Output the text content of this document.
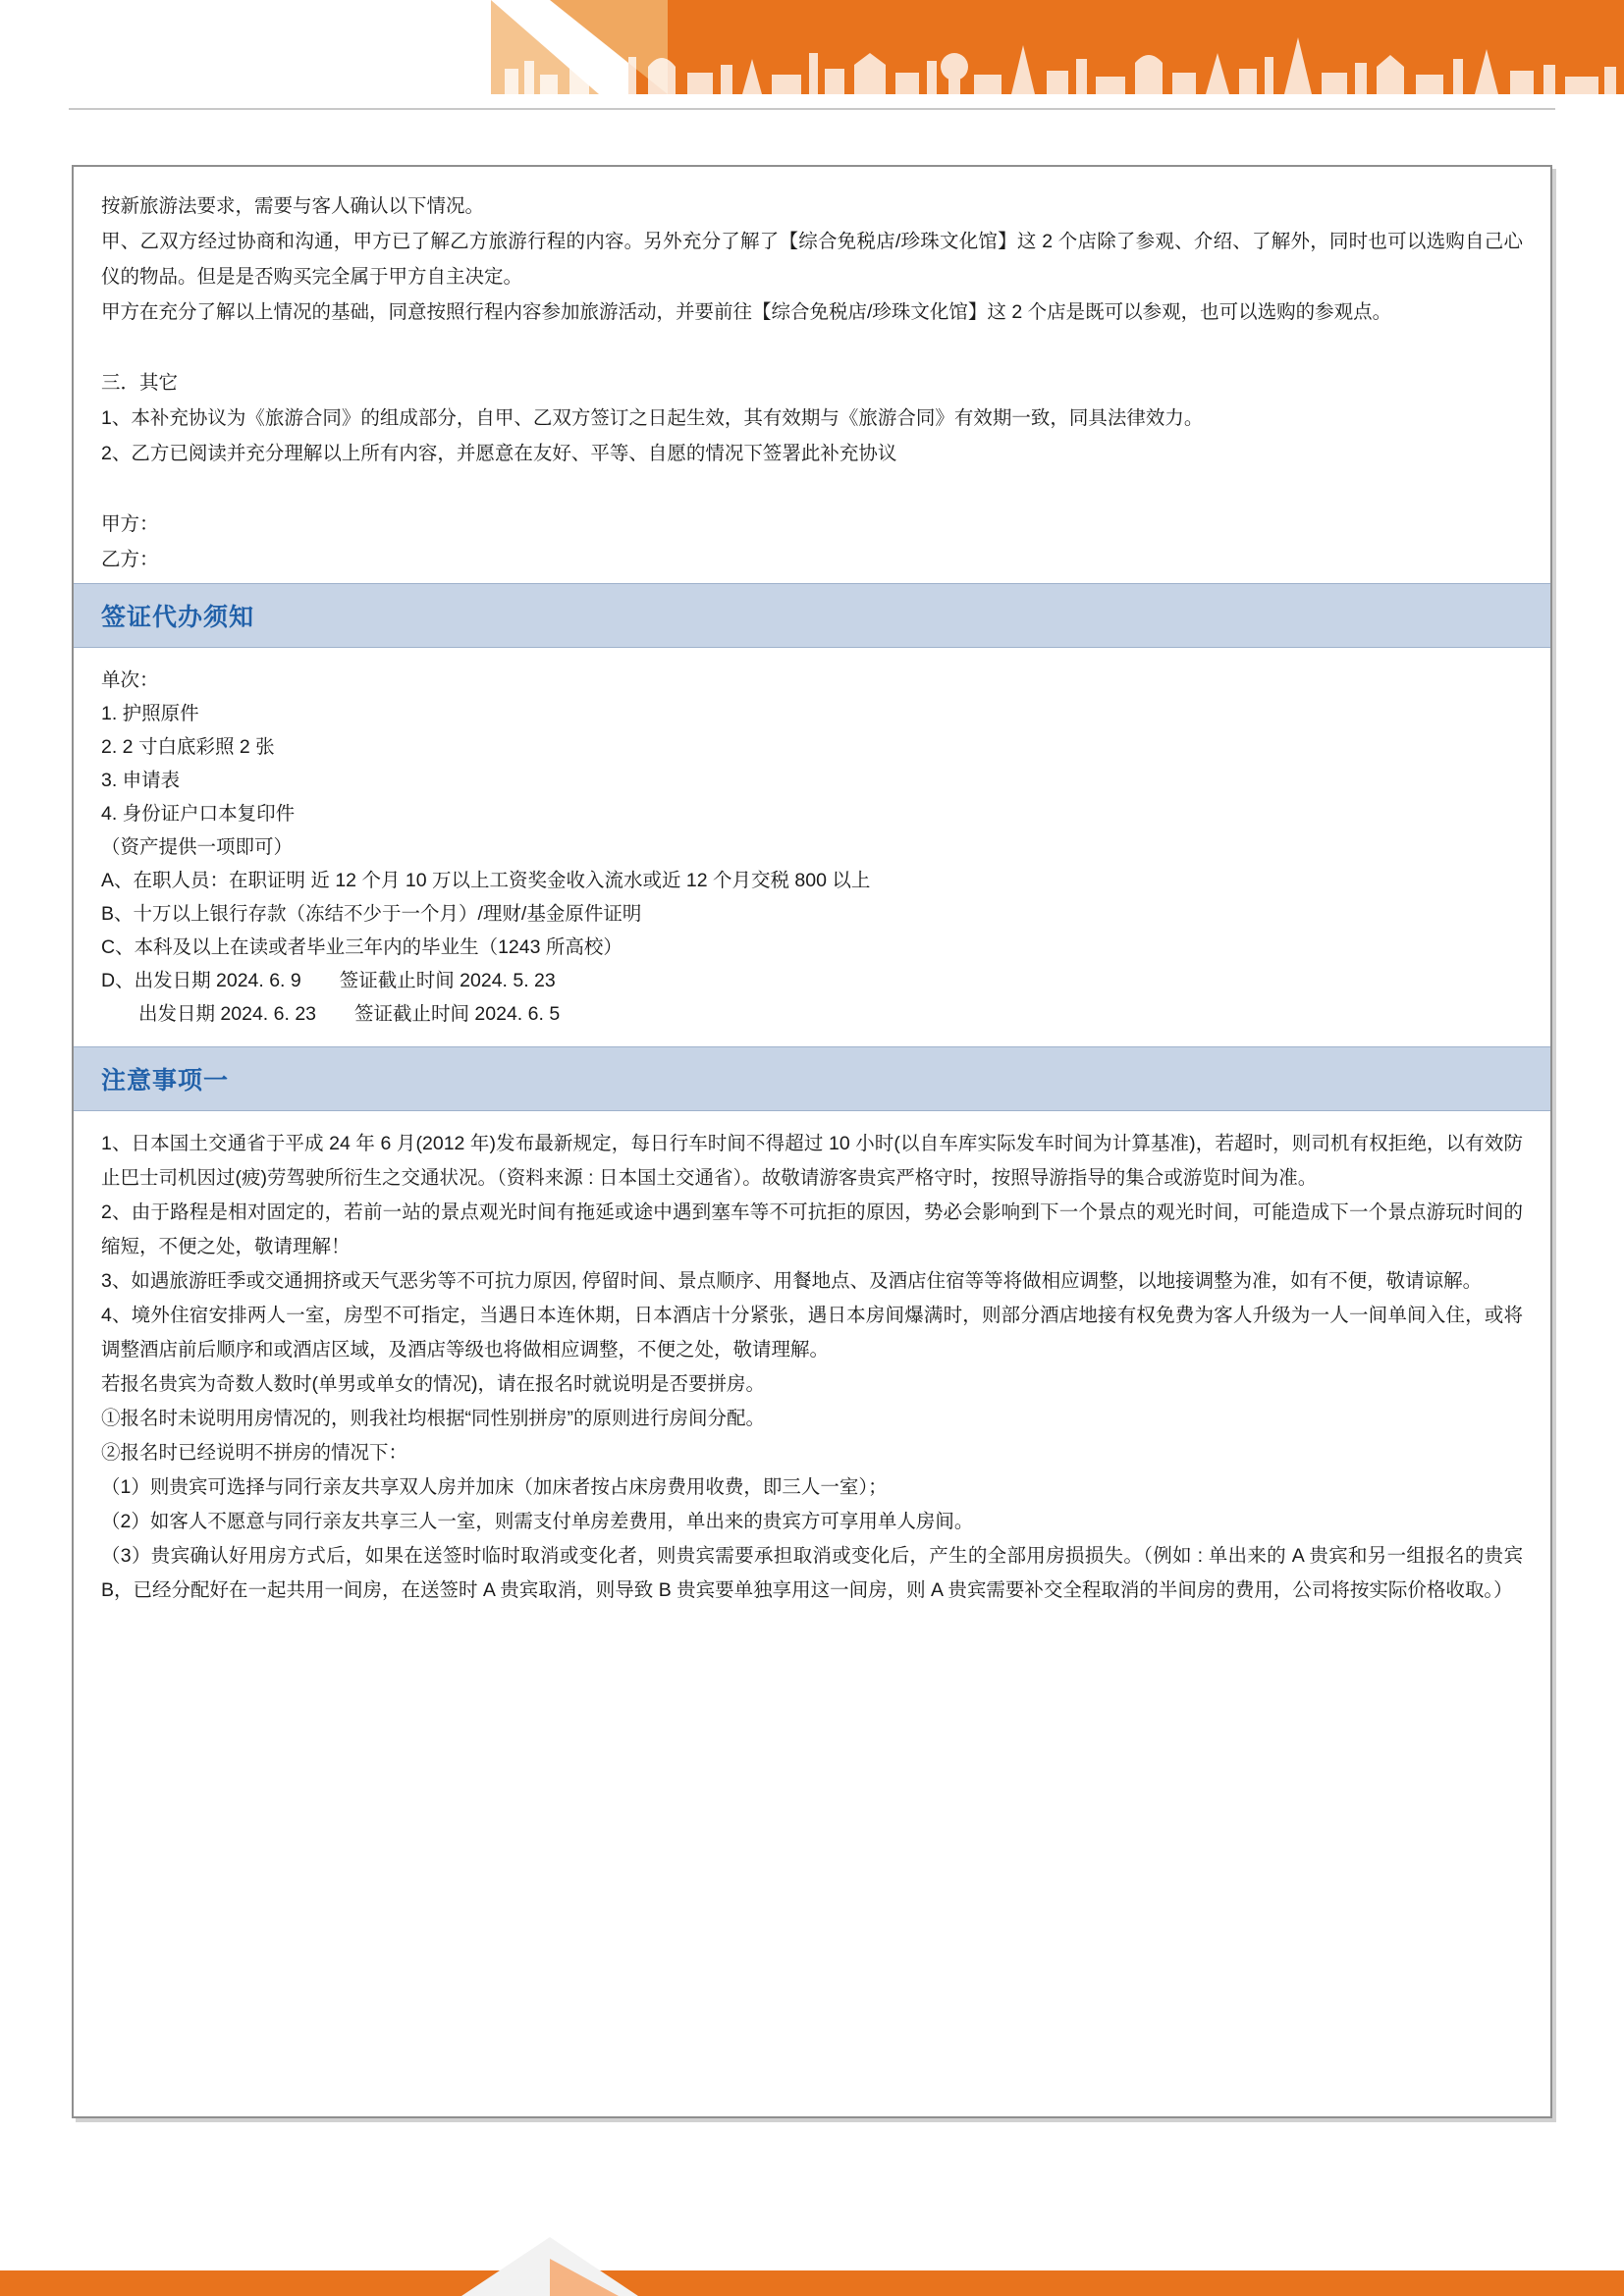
按新旅游法要求，需要与客人确认以下情况。

甲、乙双方经过协商和沟通，甲方已了解乙方旅游行程的内容。另外充分了解了【综合免税店/珍珠文化馆】这 2 个店除了参观、介绍、了解外，同时也可以选购自己心仪的物品。但是是否购买完全属于甲方自主决定。

甲方在充分了解以上情况的基础，同意按照行程内容参加旅游活动，并要前往【综合免税店/珍珠文化馆】这 2 个店是既可以参观，也可以选购的参观点。

三．其它

1、本补充协议为《旅游合同》的组成部分，自甲、乙双方签订之日起生效，其有效期与《旅游合同》有效期一致，同具法律效力。

2、乙方已阅读并充分理解以上所有内容，并愿意在友好、平等、自愿的情况下签署此补充协议

甲方：

乙方：

签证代办须知

单次：

1. 护照原件

2. 2 寸白底彩照 2 张

3. 申请表

4. 身份证户口本复印件

（资产提供一项即可）

A、在职人员：在职证明 近 12 个月 10 万以上工资奖金收入流水或近 12 个月交税 800 以上

B、十万以上银行存款（冻结不少于一个月）/理财/基金原件证明

C、本科及以上在读或者毕业三年内的毕业生（1243 所高校）

D、出发日期 2024. 6. 9　　签证截止时间 2024. 5. 23

出发日期 2024. 6. 23　　签证截止时间 2024. 6. 5

注意事项一

1、日本国土交通省于平成 24 年 6 月(2012 年)发布最新规定，每日行车时间不得超过 10 小时(以自车库实际发车时间为计算基准)，若超时，则司机有权拒绝，以有效防止巴士司机因过(疲)劳驾驶所衍生之交通状况。（资料来源 : 日本国土交通省）。故敬请游客贵宾严格守时，按照导游指导的集合或游览时间为准。

2、由于路程是相对固定的，若前一站的景点观光时间有拖延或途中遇到塞车等不可抗拒的原因，势必会影响到下一个景点的观光时间，可能造成下一个景点游玩时间的缩短，不便之处，敬请理解！

3、如遇旅游旺季或交通拥挤或天气恶劣等不可抗力原因, 停留时间、景点顺序、用餐地点、及酒店住宿等等将做相应调整，以地接调整为准，如有不便，敬请谅解。

4、境外住宿安排两人一室，房型不可指定，当遇日本连休期，日本酒店十分紧张，遇日本房间爆满时，则部分酒店地接有权免费为客人升级为一人一间单间入住，或将调整酒店前后顺序和或酒店区域，及酒店等级也将做相应调整，不便之处，敬请理解。

若报名贵宾为奇数人数时(单男或单女的情况)，请在报名时就说明是否要拼房。

①报名时未说明用房情况的，则我社均根据“同性别拼房”的原则进行房间分配。

②报名时已经说明不拼房的情况下：

（1）则贵宾可选择与同行亲友共享双人房并加床（加床者按占床房费用收费，即三人一室）；

（2）如客人不愿意与同行亲友共享三人一室，则需支付单房差费用，单出来的贵宾方可享用单人房间。

（3）贵宾确认好用房方式后，如果在送签时临时取消或变化者，则贵宾需要承担取消或变化后，产生的全部用房损损失。（例如 : 单出来的 A 贵宾和另一组报名的贵宾 B，已经分配好在一起共用一间房，在送签时 A 贵宾取消，则导致 B 贵宾要单独享用这一间房，则 A 贵宾需要补交全程取消的半间房的费用，公司将按实际价格收取。）
